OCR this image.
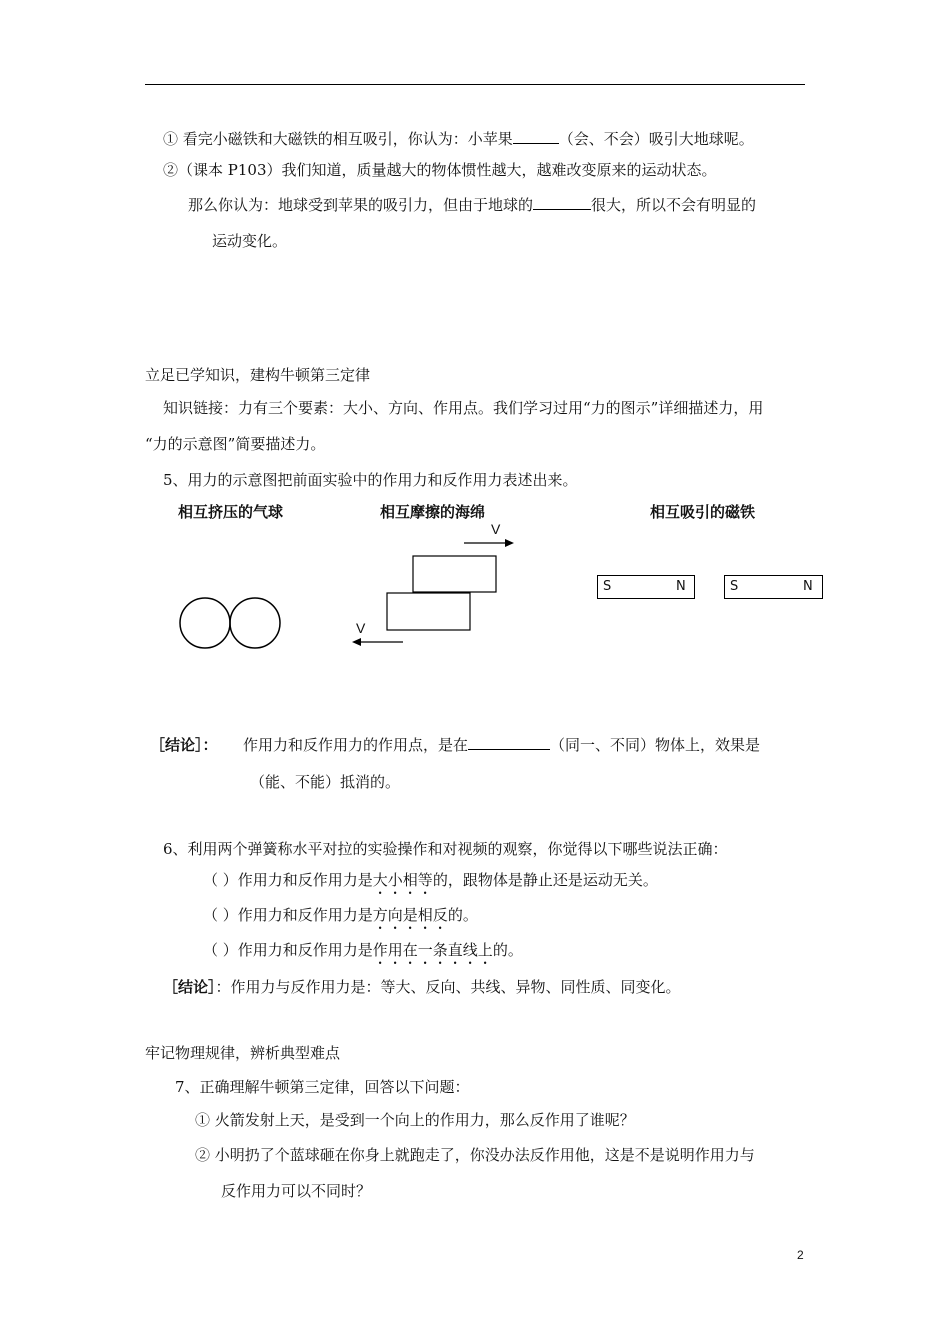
① 看完小磁铁和大磁铁的相互吸引，你认为：小苹果	（会、不会）吸引大地球呢。
②（课本 P103）我们知道，质量越大的物体惯性越大，越难改变原来的运动状态。
那么你认为：地球受到苹果的吸引力，但由于地球的	很大，所以不会有明显的
运动变化。
立足已学知识，建构牛顿第三定律
知识链接：力有三个要素：大小、方向、作用点。我们学习过用“力的图示”详细描述力，用
“力的示意图”简要描述力。
5、用力的示意图把前面实验中的作用力和反作用力表述出来。
相互挤压的气球	相互摩擦的海绵	相互吸引的磁铁
V
V
S	N	S	N
［结论］： 作用力和反作用力的作用点，是在	（同一、不同）物体上，效果是
（能、不能）抵消的。
6、利用两个弹簧称水平对拉的实验操作和对视频的观察，你觉得以下哪些说法正确：
（ ）作用力和反作用力是大小相等的，跟物体是静止还是运动无关。
（ ）作用力和反作用力是方向是相反的。
（ ）作用力和反作用力是作用在一条直线上的。
［结论］：作用力与反作用力是：等大、反向、共线、异物、同性质、同变化。
牢记物理规律，辨析典型难点
7、正确理解牛顿第三定律，回答以下问题：
① 火箭发射上天，是受到一个向上的作用力，那么反作用了谁呢？
② 小明扔了个蓝球砸在你身上就跑走了，你没办法反作用他，这是不是说明作用力与
反作用力可以不同时？
2
